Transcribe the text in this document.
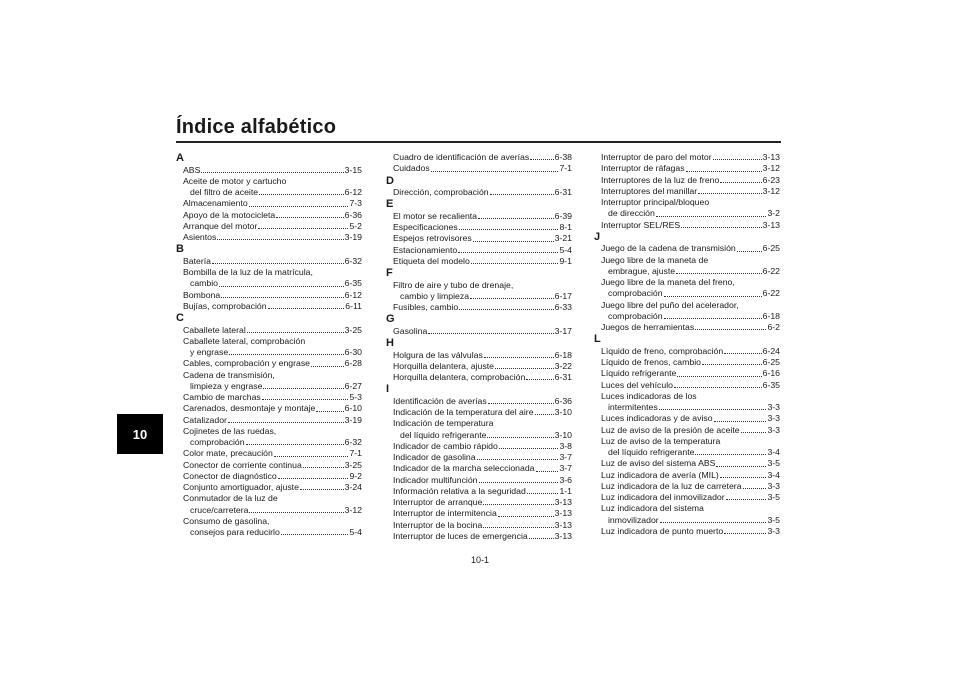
Índice alfabético
10
A
ABS	3-15
Aceite de motor y cartucho
del filtro de aceite	6-12
Almacenamiento	7-3
Apoyo de la motocicleta	6-36
Arranque del motor	5-2
Asientos	3-19
B
Batería	6-32
Bombilla de la luz de la matrícula,
cambio	6-35
Bombona	6-12
Bujías, comprobación	6-11
C
Caballete lateral	3-25
Caballete lateral, comprobación
y engrase	6-30
Cables, comprobación y engrase	6-28
Cadena de transmisión,
limpieza y engrase	6-27
Cambio de marchas	5-3
Carenados, desmontaje y montaje	6-10
Catalizador	3-19
Cojinetes de las ruedas,
comprobación	6-32
Color mate, precaución	7-1
Conector de corriente continua	3-25
Conector de diagnóstico	9-2
Conjunto amortiguador, ajuste	3-24
Conmutador de la luz de
cruce/carretera	3-12
Consumo de gasolina,
consejos para reducirlo	5-4
Cuadro de identificación de averías	6-38
Cuidados	7-1
D
Dirección, comprobación	6-31
E
El motor se recalienta	6-39
Especificaciones	8-1
Espejos retrovisores	3-21
Estacionamiento	5-4
Etiqueta del modelo	9-1
F
Filtro de aire y tubo de drenaje,
cambio y limpieza	6-17
Fusibles, cambio	6-33
G
Gasolina	3-17
H
Holgura de las válvulas	6-18
Horquilla delantera, ajuste	3-22
Horquilla delantera, comprobación	6-31
I
Identificación de averías	6-36
Indicación de la temperatura del aire 3-10
Indicación de temperatura
del líquido refrigerante	3-10
Indicador de cambio rápido	3-8
Indicador de gasolina	3-7
Indicador de la marcha seleccionada	3-7
Indicador multifunción	3-6
Información relativa a la seguridad	1-1
Interruptor de arranque	3-13
Interruptor de intermitencia	3-13
Interruptor de la bocina	3-13
Interruptor de luces de emergencia	3-13
Interruptor de paro del motor	3-13
Interruptor de ráfagas	3-12
Interruptores de la luz de freno	6-23
Interruptores del manillar	3-12
Interruptor principal/bloqueo
de dirección	3-2
Interruptor SEL/RES	3-13
J
Juego de la cadena de transmisión	6-25
Juego libre de la maneta de
embrague, ajuste	6-22
Juego libre de la maneta del freno,
comprobación	6-22
Juego libre del puño del acelerador,
comprobación	6-18
Juegos de herramientas	6-2
L
Líquido de freno, comprobación	6-24
Líquido de frenos, cambio	6-25
Líquido refrigerante	6-16
Luces del vehículo	6-35
Luces indicadoras de los
intermitentes	3-3
Luces indicadoras y de aviso	3-3
Luz de aviso de la presión de aceite	3-3
Luz de aviso de la temperatura
del líquido refrigerante	3-4
Luz de aviso del sistema ABS	3-5
Luz indicadora de avería (MIL)	3-4
Luz indicadora de la luz de carretera	3-3
Luz indicadora del inmovilizador	3-5
Luz indicadora del sistema
inmovilizador	3-5
Luz indicadora de punto muerto	3-3
10-1
